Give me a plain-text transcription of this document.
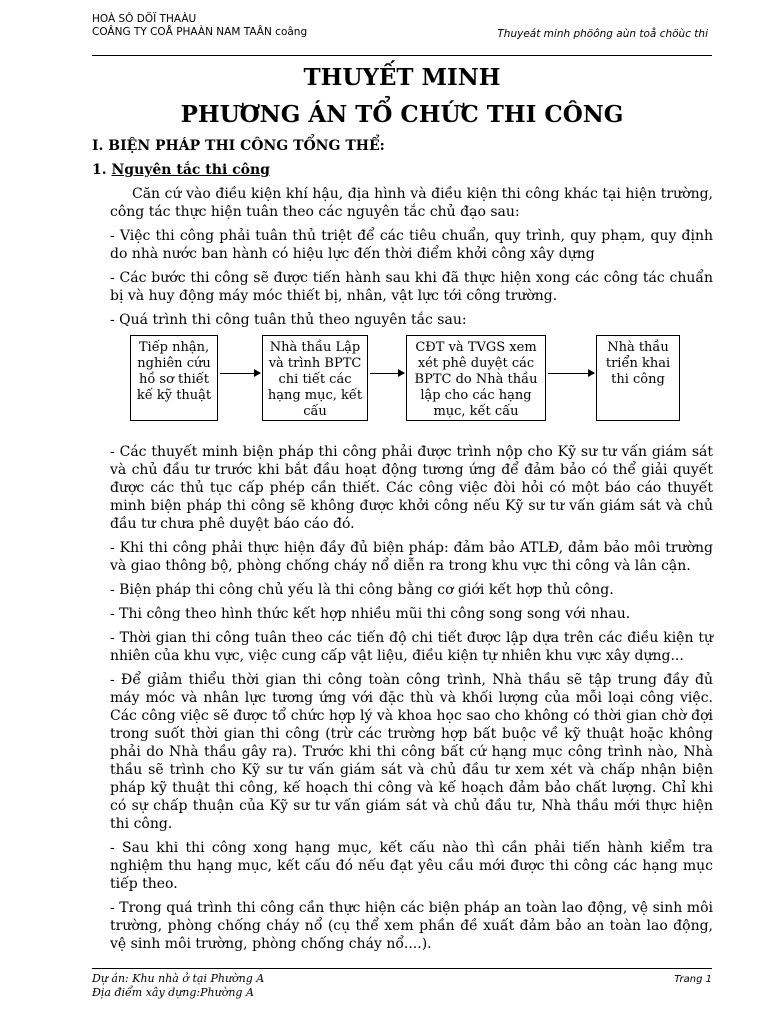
HOÀ SÔ DÖÏ THAÀU
COÂNG TY COÅ PHAÀN NAM TAÂN coâng	Thuyeát minh phöông aùn toå chöùc thi
THUYẾT MINH
PHƯƠNG ÁN TỔ CHỨC THI CÔNG

I. BIỆN PHÁP THI CÔNG TỔNG THỂ:

1. Nguyên tắc thi công

Căn cứ vào điều kiện khí hậu, địa hình và điều kiện thi công khác tại hiện trường, công tác thực hiện tuân theo các nguyên tắc chủ đạo sau:

- Việc thi công phải tuân thủ triệt để các tiêu chuẩn, quy trình, quy phạm, quy định do nhà nước ban hành có hiệu lực đến thời điểm khởi công xây dựng

- Các bước thi công sẽ được tiến hành sau khi đã thực hiện xong các công tác chuẩn bị và huy động máy móc thiết bị, nhân, vật lực tới công trường.

- Quá trình thi công tuân thủ theo nguyên tắc sau:

Tiếp nhận, nghiên cứu hồ sơ thiết kế kỹ thuật
Nhà thầu Lập và trình BPTC chi tiết các hạng mục, kết cấu
CĐT và TVGS xem xét phê duyệt các BPTC do Nhà thầu lập cho các hạng mục, kết cấu
Nhà thầu triển khai thi công

- Các thuyết minh biện pháp thi công phải được trình nộp cho Kỹ sư tư vấn giám sát và chủ đầu tư trước khi bắt đầu hoạt động tương ứng để đảm bảo có thể giải quyết được các thủ tục cấp phép cần thiết. Các công việc đòi hỏi có một báo cáo thuyết minh biện pháp thi công sẽ không được khởi công nếu Kỹ sư tư vấn giám sát và chủ đầu tư chưa phê duyệt báo cáo đó.

- Khi thi công phải thực hiện đầy đủ biện pháp: đảm bảo ATLĐ, đảm bảo môi trường và giao thông bộ, phòng chống cháy nổ diễn ra trong khu vực thi công và lân cận.

- Biện pháp thi công chủ yếu là thi công bằng cơ giới kết hợp thủ công.

- Thi công theo hình thức kết hợp nhiều mũi thi công song song với nhau.

- Thời gian thi công tuân theo các tiến độ chi tiết được lập dựa trên các điều kiện tự nhiên của khu vực, việc cung cấp vật liệu, điều kiện tự nhiên khu vực xây dựng...

- Để giảm thiểu thời gian thi công toàn công trình, Nhà thầu sẽ tập trung đầy đủ máy móc và nhân lực tương ứng với đặc thù và khối lượng của mỗi loại công việc. Các công việc sẽ được tổ chức hợp lý và khoa học sao cho không có thời gian chờ đợi trong suốt thời gian thi công (trừ các trường hợp bất buộc về kỹ thuật hoặc không phải do Nhà thầu gây ra). Trước khi thi công bất cứ hạng mục công trình nào, Nhà thầu sẽ trình cho Kỹ sư tư vấn giám sát và chủ đầu tư xem xét và chấp nhận biện pháp kỹ thuật thi công, kế hoạch thi công và kế hoạch đảm bảo chất lượng. Chỉ khi có sự chấp thuận của Kỹ sư tư vấn giám sát và chủ đầu tư, Nhà thầu mới thực hiện thi công.

- Sau khi thi công xong hạng mục, kết cấu nào thì cần phải tiến hành kiểm tra nghiệm thu hạng mục, kết cấu đó nếu đạt yêu cầu mới được thi công các hạng mục tiếp theo.

- Trong quá trình thi công cần thực hiện các biện pháp an toàn lao động, vệ sinh môi trường, phòng chống cháy nổ (cụ thể xem phần đề xuất đảm bảo an toàn lao động, vệ sinh môi trường, phòng chống cháy nổ....).

Dự án: Khu nhà ở tại Phường A
Địa điểm xây dựng:Phường A
Trang 1
